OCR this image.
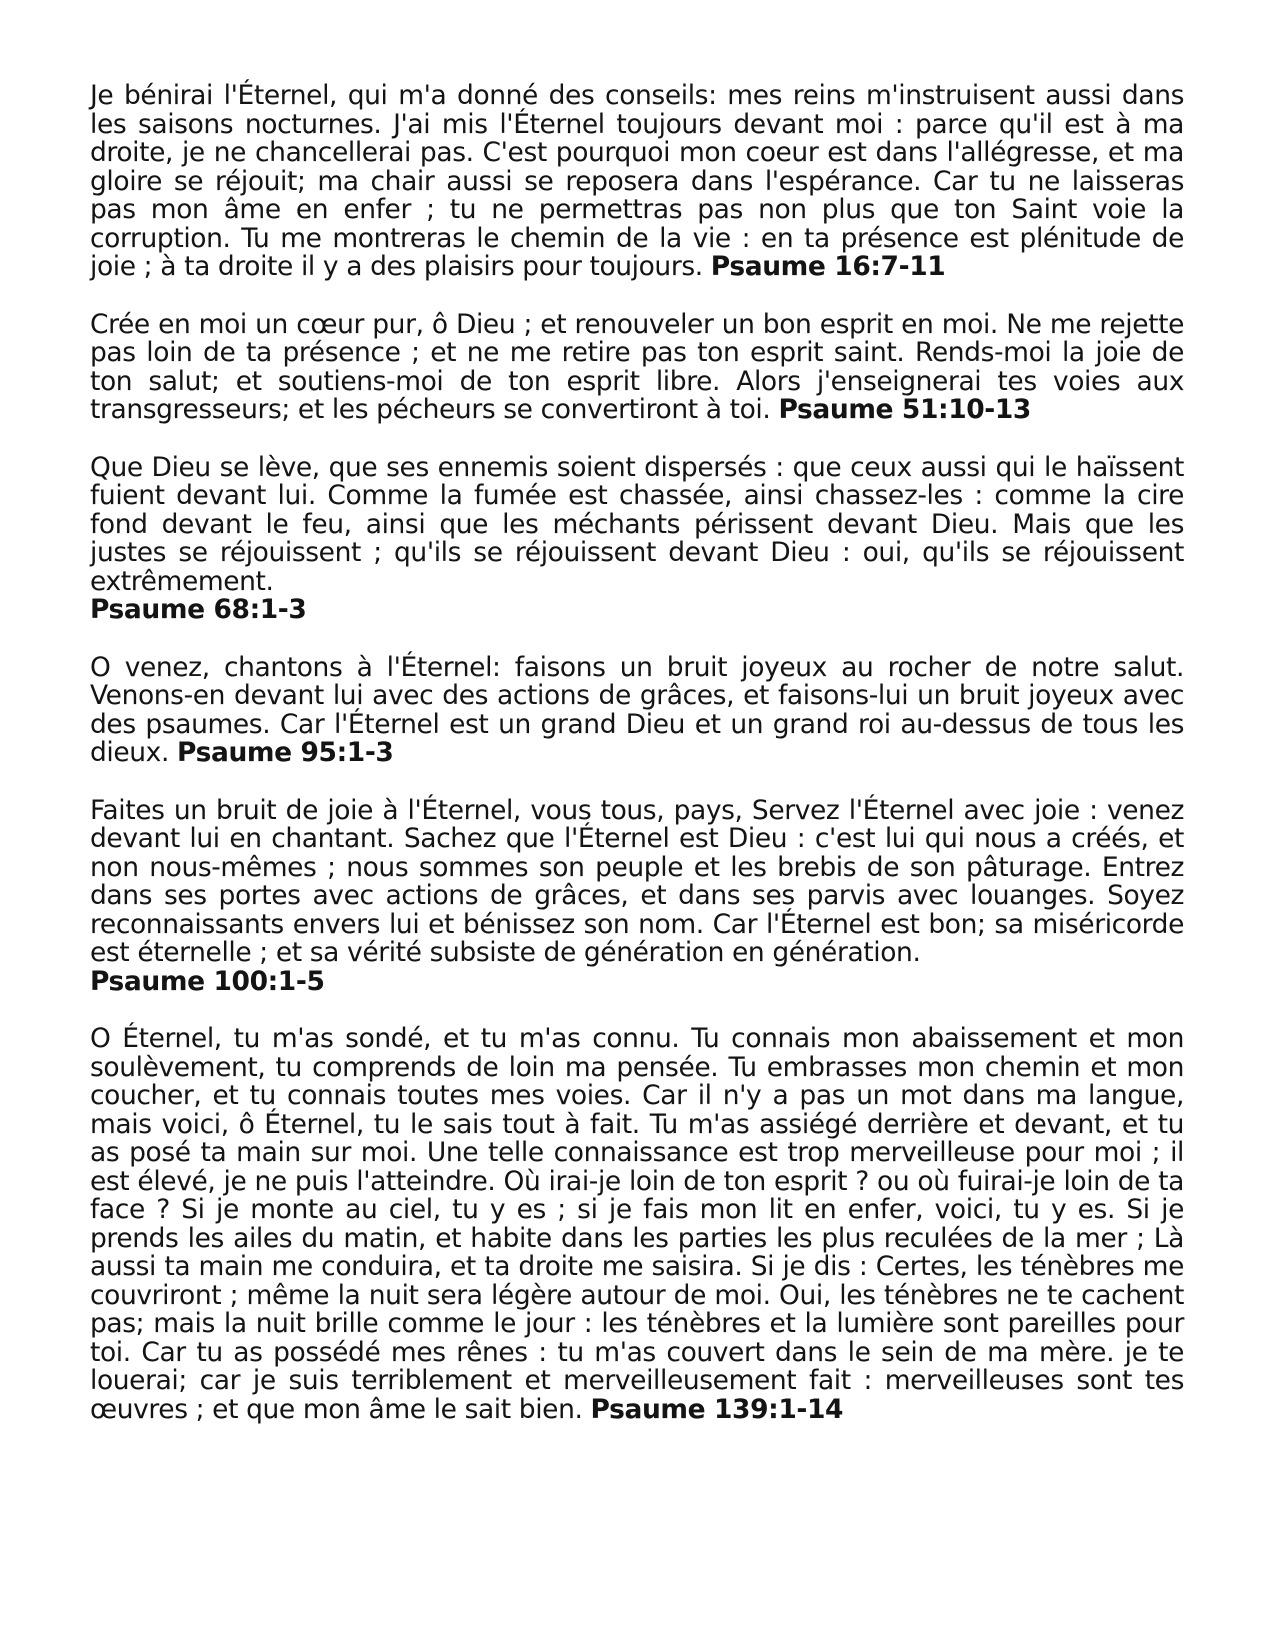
Je bénirai l'Éternel, qui m'a donné des conseils: mes reins m'instruisent aussi dans les saisons nocturnes. J'ai mis l'Éternel toujours devant moi : parce qu'il est à ma droite, je ne chancellerai pas. C'est pourquoi mon coeur est dans l'allégresse, et ma gloire se réjouit; ma chair aussi se reposera dans l'espérance. Car tu ne laisseras pas mon âme en enfer ; tu ne permettras pas non plus que ton Saint voie la corruption. Tu me montreras le chemin de la vie : en ta présence est plénitude de joie ; à ta droite il y a des plaisirs pour toujours. Psaume 16:7-11

Crée en moi un cœur pur, ô Dieu ; et renouveler un bon esprit en moi. Ne me rejette pas loin de ta présence ; et ne me retire pas ton esprit saint. Rends-moi la joie de ton salut; et soutiens-moi de ton esprit libre. Alors j'enseignerai tes voies aux transgresseurs; et les pécheurs se convertiront à toi. Psaume 51:10-13

Que Dieu se lève, que ses ennemis soient dispersés : que ceux aussi qui le haïssent fuient devant lui. Comme la fumée est chassée, ainsi chassez-les : comme la cire fond devant le feu, ainsi que les méchants périssent devant Dieu. Mais que les justes se réjouissent ; qu'ils se réjouissent devant Dieu : oui, qu'ils se réjouissent extrêmement.
Psaume 68:1-3

O venez, chantons à l'Éternel: faisons un bruit joyeux au rocher de notre salut. Venons-en devant lui avec des actions de grâces, et faisons-lui un bruit joyeux avec des psaumes. Car l'Éternel est un grand Dieu et un grand roi au-dessus de tous les dieux. Psaume 95:1-3

Faites un bruit de joie à l'Éternel, vous tous, pays, Servez l'Éternel avec joie : venez devant lui en chantant. Sachez que l'Éternel est Dieu : c'est lui qui nous a créés, et non nous-mêmes ; nous sommes son peuple et les brebis de son pâturage. Entrez dans ses portes avec actions de grâces, et dans ses parvis avec louanges. Soyez reconnaissants envers lui et bénissez son nom. Car l'Éternel est bon; sa miséricorde est éternelle ; et sa vérité subsiste de génération en génération.
Psaume 100:1-5

O Éternel, tu m'as sondé, et tu m'as connu. Tu connais mon abaissement et mon soulèvement, tu comprends de loin ma pensée. Tu embrasses mon chemin et mon coucher, et tu connais toutes mes voies. Car il n'y a pas un mot dans ma langue, mais voici, ô Éternel, tu le sais tout à fait. Tu m'as assiégé derrière et devant, et tu as posé ta main sur moi. Une telle connaissance est trop merveilleuse pour moi ; il est élevé, je ne puis l'atteindre. Où irai-je loin de ton esprit ? ou où fuirai-je loin de ta face ? Si je monte au ciel, tu y es ; si je fais mon lit en enfer, voici, tu y es. Si je prends les ailes du matin, et habite dans les parties les plus reculées de la mer ; Là aussi ta main me conduira, et ta droite me saisira. Si je dis : Certes, les ténèbres me couvriront ; même la nuit sera légère autour de moi. Oui, les ténèbres ne te cachent pas; mais la nuit brille comme le jour : les ténèbres et la lumière sont pareilles pour toi. Car tu as possédé mes rênes : tu m'as couvert dans le sein de ma mère. je te louerai; car je suis terriblement et merveilleusement fait : merveilleuses sont tes œuvres ; et que mon âme le sait bien. Psaume 139:1-14
